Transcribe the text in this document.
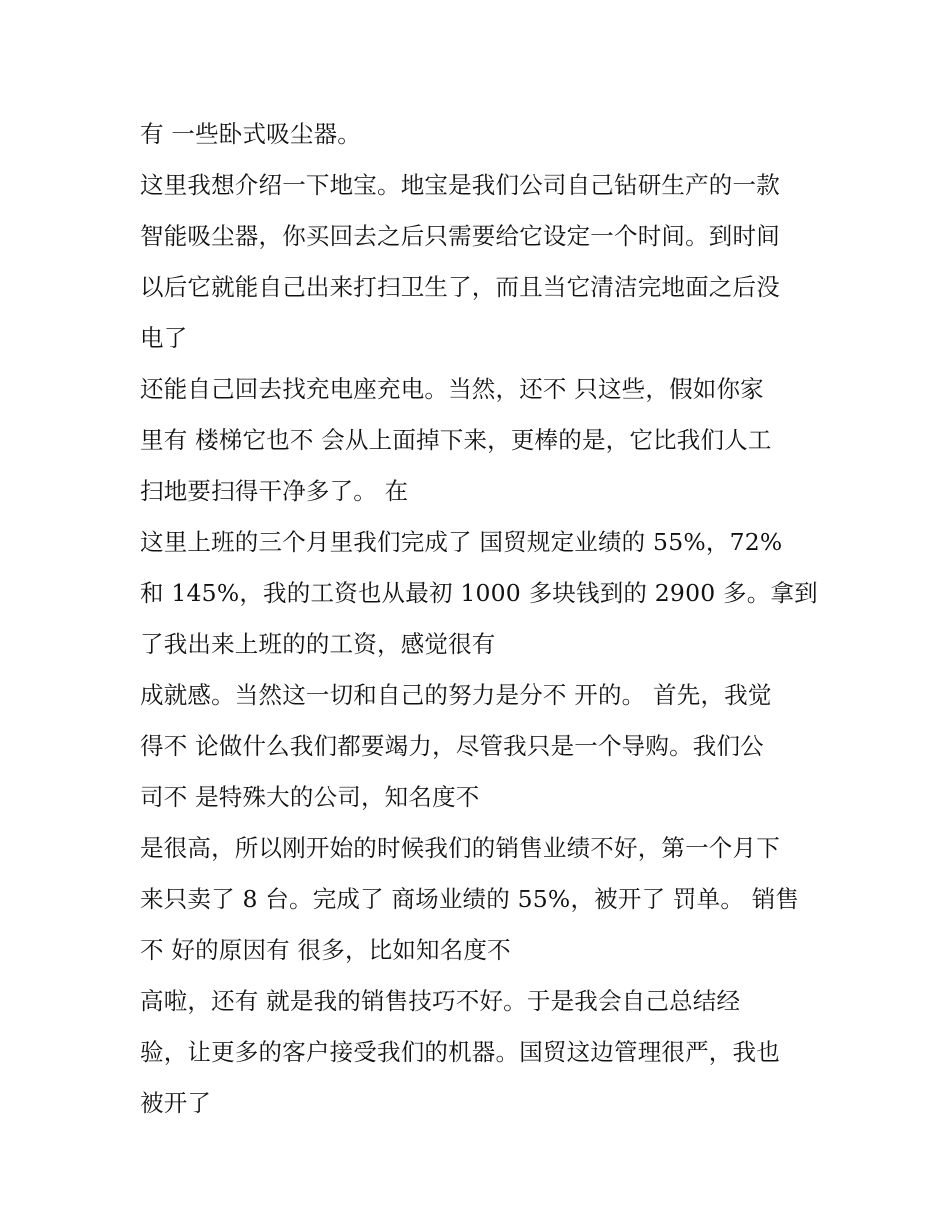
有 一些卧式吸尘器。
这里我想介绍一下地宝。地宝是我们公司自己钻研生产的一款
智能吸尘器，你买回去之后只需要给它设定一个时间。到时间
以后它就能自己出来打扫卫生了，而且当它清洁完地面之后没
电了
还能自己回去找充电座充电。当然，还不 只这些，假如你家
里有 楼梯它也不 会从上面掉下来，更棒的是，它比我们人工
扫地要扫得干净多了。 在
这里上班的三个月里我们完成了 国贸规定业绩的 55%，72%
和 145%，我的工资也从最初 1000 多块钱到的 2900 多。拿到
了我出来上班的的工资，感觉很有
成就感。当然这一切和自己的努力是分不 开的。 首先，我觉
得不 论做什么我们都要竭力，尽管我只是一个导购。我们公
司不 是特殊大的公司，知名度不
是很高，所以刚开始的时候我们的销售业绩不好，第一个月下
来只卖了 8 台。完成了 商场业绩的 55%，被开了 罚单。 销售
不 好的原因有 很多，比如知名度不
高啦，还有 就是我的销售技巧不好。于是我会自己总结经
验，让更多的客户接受我们的机器。国贸这边管理很严，我也
被开了
